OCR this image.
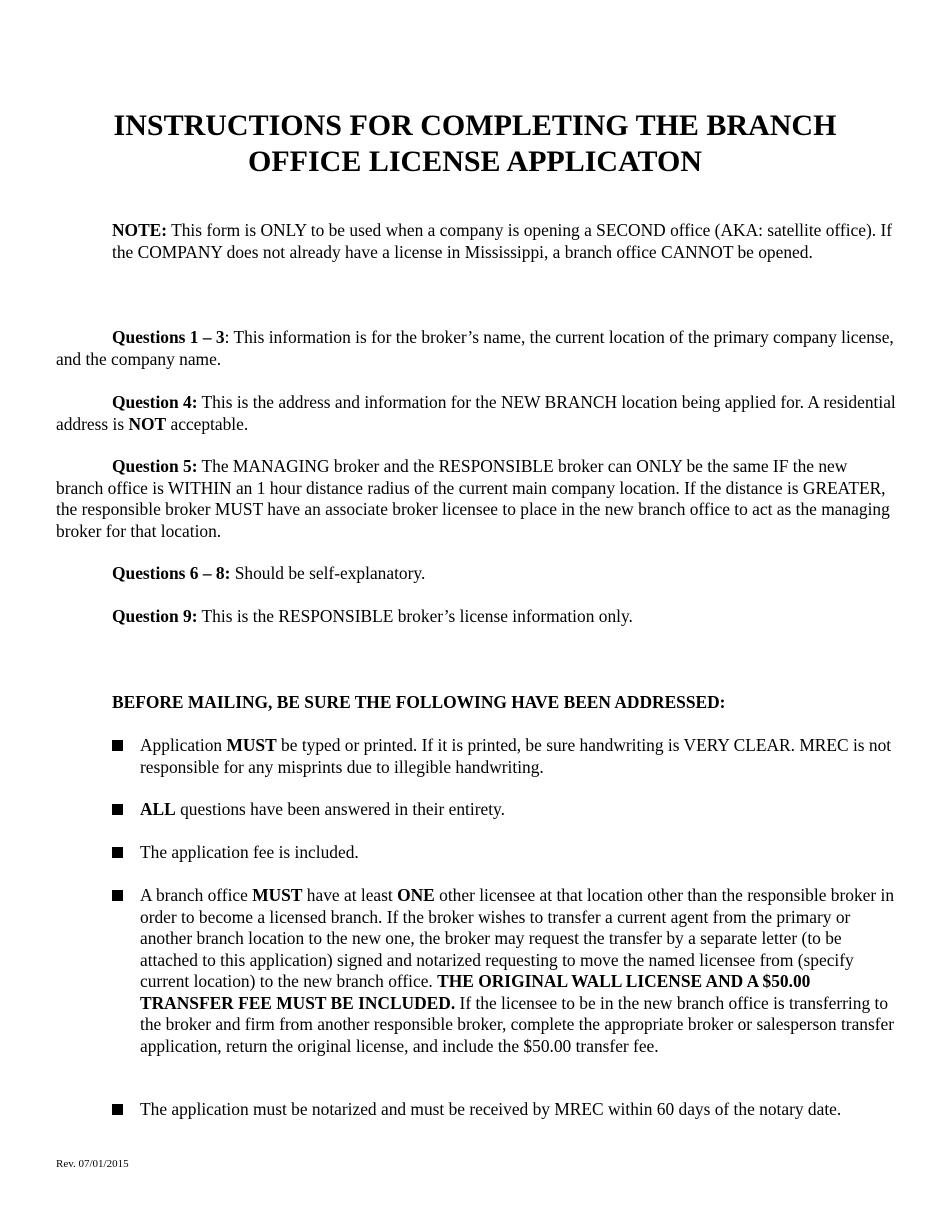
INSTRUCTIONS FOR COMPLETING THE BRANCH
OFFICE LICENSE APPLICATON
NOTE: This form is ONLY to be used when a company is opening a SECOND office (AKA: satellite office). If the COMPANY does not already have a license in Mississippi, a branch office CANNOT be opened.
Questions 1 – 3: This information is for the broker’s name, the current location of the primary company license, and the company name.
Question 4: This is the address and information for the NEW BRANCH location being applied for. A residential address is NOT acceptable.
Question 5: The MANAGING broker and the RESPONSIBLE broker can ONLY be the same IF the new branch office is WITHIN an 1 hour distance radius of the current main company location. If the distance is GREATER, the responsible broker MUST have an associate broker licensee to place in the new branch office to act as the managing broker for that location.
Questions 6 – 8: Should be self-explanatory.
Question 9: This is the RESPONSIBLE broker’s license information only.
BEFORE MAILING, BE SURE THE FOLLOWING HAVE BEEN ADDRESSED:
Application MUST be typed or printed. If it is printed, be sure handwriting is VERY CLEAR. MREC is not responsible for any misprints due to illegible handwriting.
ALL questions have been answered in their entirety.
The application fee is included.
A branch office MUST have at least ONE other licensee at that location other than the responsible broker in order to become a licensed branch. If the broker wishes to transfer a current agent from the primary or another branch location to the new one, the broker may request the transfer by a separate letter (to be attached to this application) signed and notarized requesting to move the named licensee from (specify current location) to the new branch office. THE ORIGINAL WALL LICENSE AND A $50.00 TRANSFER FEE MUST BE INCLUDED. If the licensee to be in the new branch office is transferring to the broker and firm from another responsible broker, complete the appropriate broker or salesperson transfer application, return the original license, and include the $50.00 transfer fee.
The application must be notarized and must be received by MREC within 60 days of the notary date.
Rev. 07/01/2015
